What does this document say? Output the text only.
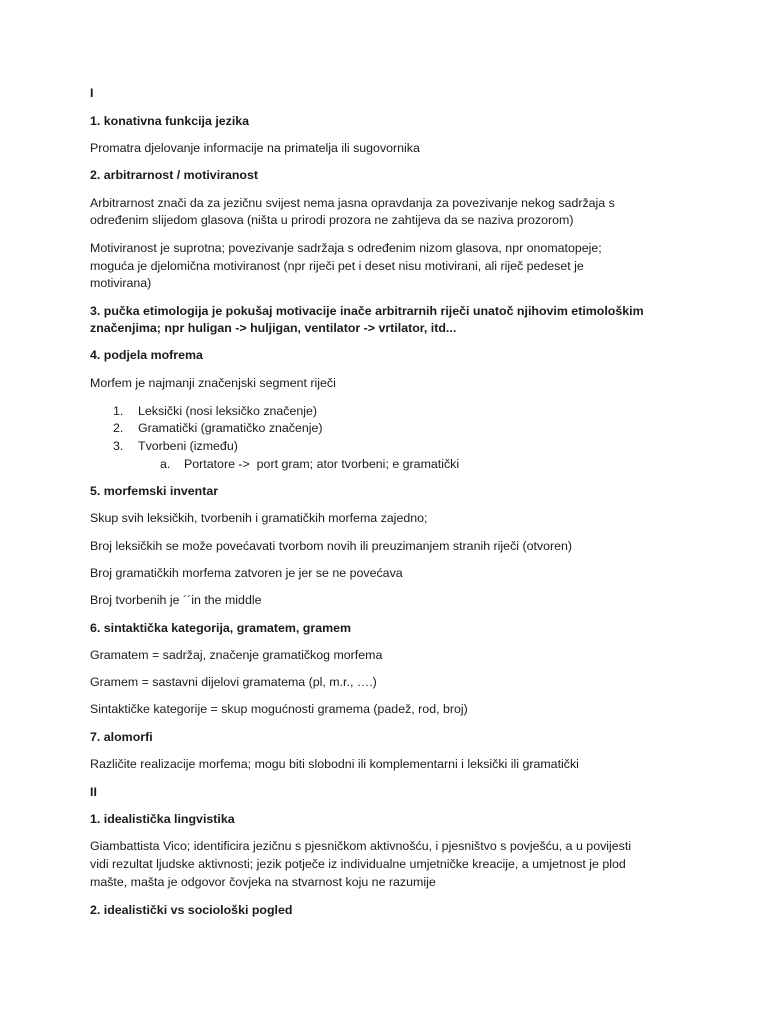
I
1. konativna funkcija jezika
Promatra djelovanje informacije na primatelja ili sugovornika
2. arbitrarnost / motiviranost
Arbitrarnost znači da za jezičnu svijest nema jasna opravdanja za povezivanje nekog sadržaja s
određenim slijedom glasova (ništa u prirodi prozora ne zahtijeva da se naziva prozorom)
Motiviranost je suprotna; povezivanje sadržaja s određenim nizom glasova, npr onomatopeje;
moguća je djelomična motiviranost (npr riječi pet i deset nisu motivirani, ali riječ pedeset je
motivirana)
3. pučka etimologija je pokušaj motivacije inače arbitrarnih riječi unatoč njihovim etimološkim
značenjima; npr huligan -> huljigan, ventilator -> vrtilator, itd...
4. podjela mofrema
Morfem je najmanji značenjski segment riječi
1. Leksički (nosi leksičko značenje)
2. Gramatički (gramatičko značenje)
3. Tvorbeni (između)
a. Portatore ->  port gram; ator tvorbeni; e gramatički
5. morfemski inventar
Skup svih leksičkih, tvorbenih i gramatičkih morfema zajedno;
Broj leksičkih se može povećavati tvorbom novih ili preuzimanjem stranih riječi (otvoren)
Broj gramatičkih morfema zatvoren je jer se ne povećava
Broj tvorbenih je ´´in the middle
6. sintaktička kategorija, gramatem, gramem
Gramatem = sadržaj, značenje gramatičkog morfema
Gramem = sastavni dijelovi gramatema (pl, m.r., ….)
Sintaktičke kategorije = skup mogućnosti gramema (padež, rod, broj)
7. alomorfi
Različite realizacije morfema; mogu biti slobodni ili komplementarni i leksički ili gramatički
II
1. idealistička lingvistika
Giambattista Vico; identificira jezičnu s pjesničkom aktivnošću, i pjesništvo s povješću, a u povijesti
vidi rezultat ljudske aktivnosti; jezik potječe iz individualne umjetničke kreacije, a umjetnost je plod
mašte, mašta je odgovor čovjeka na stvarnost koju ne razumije
2. idealistički vs sociološki pogled
